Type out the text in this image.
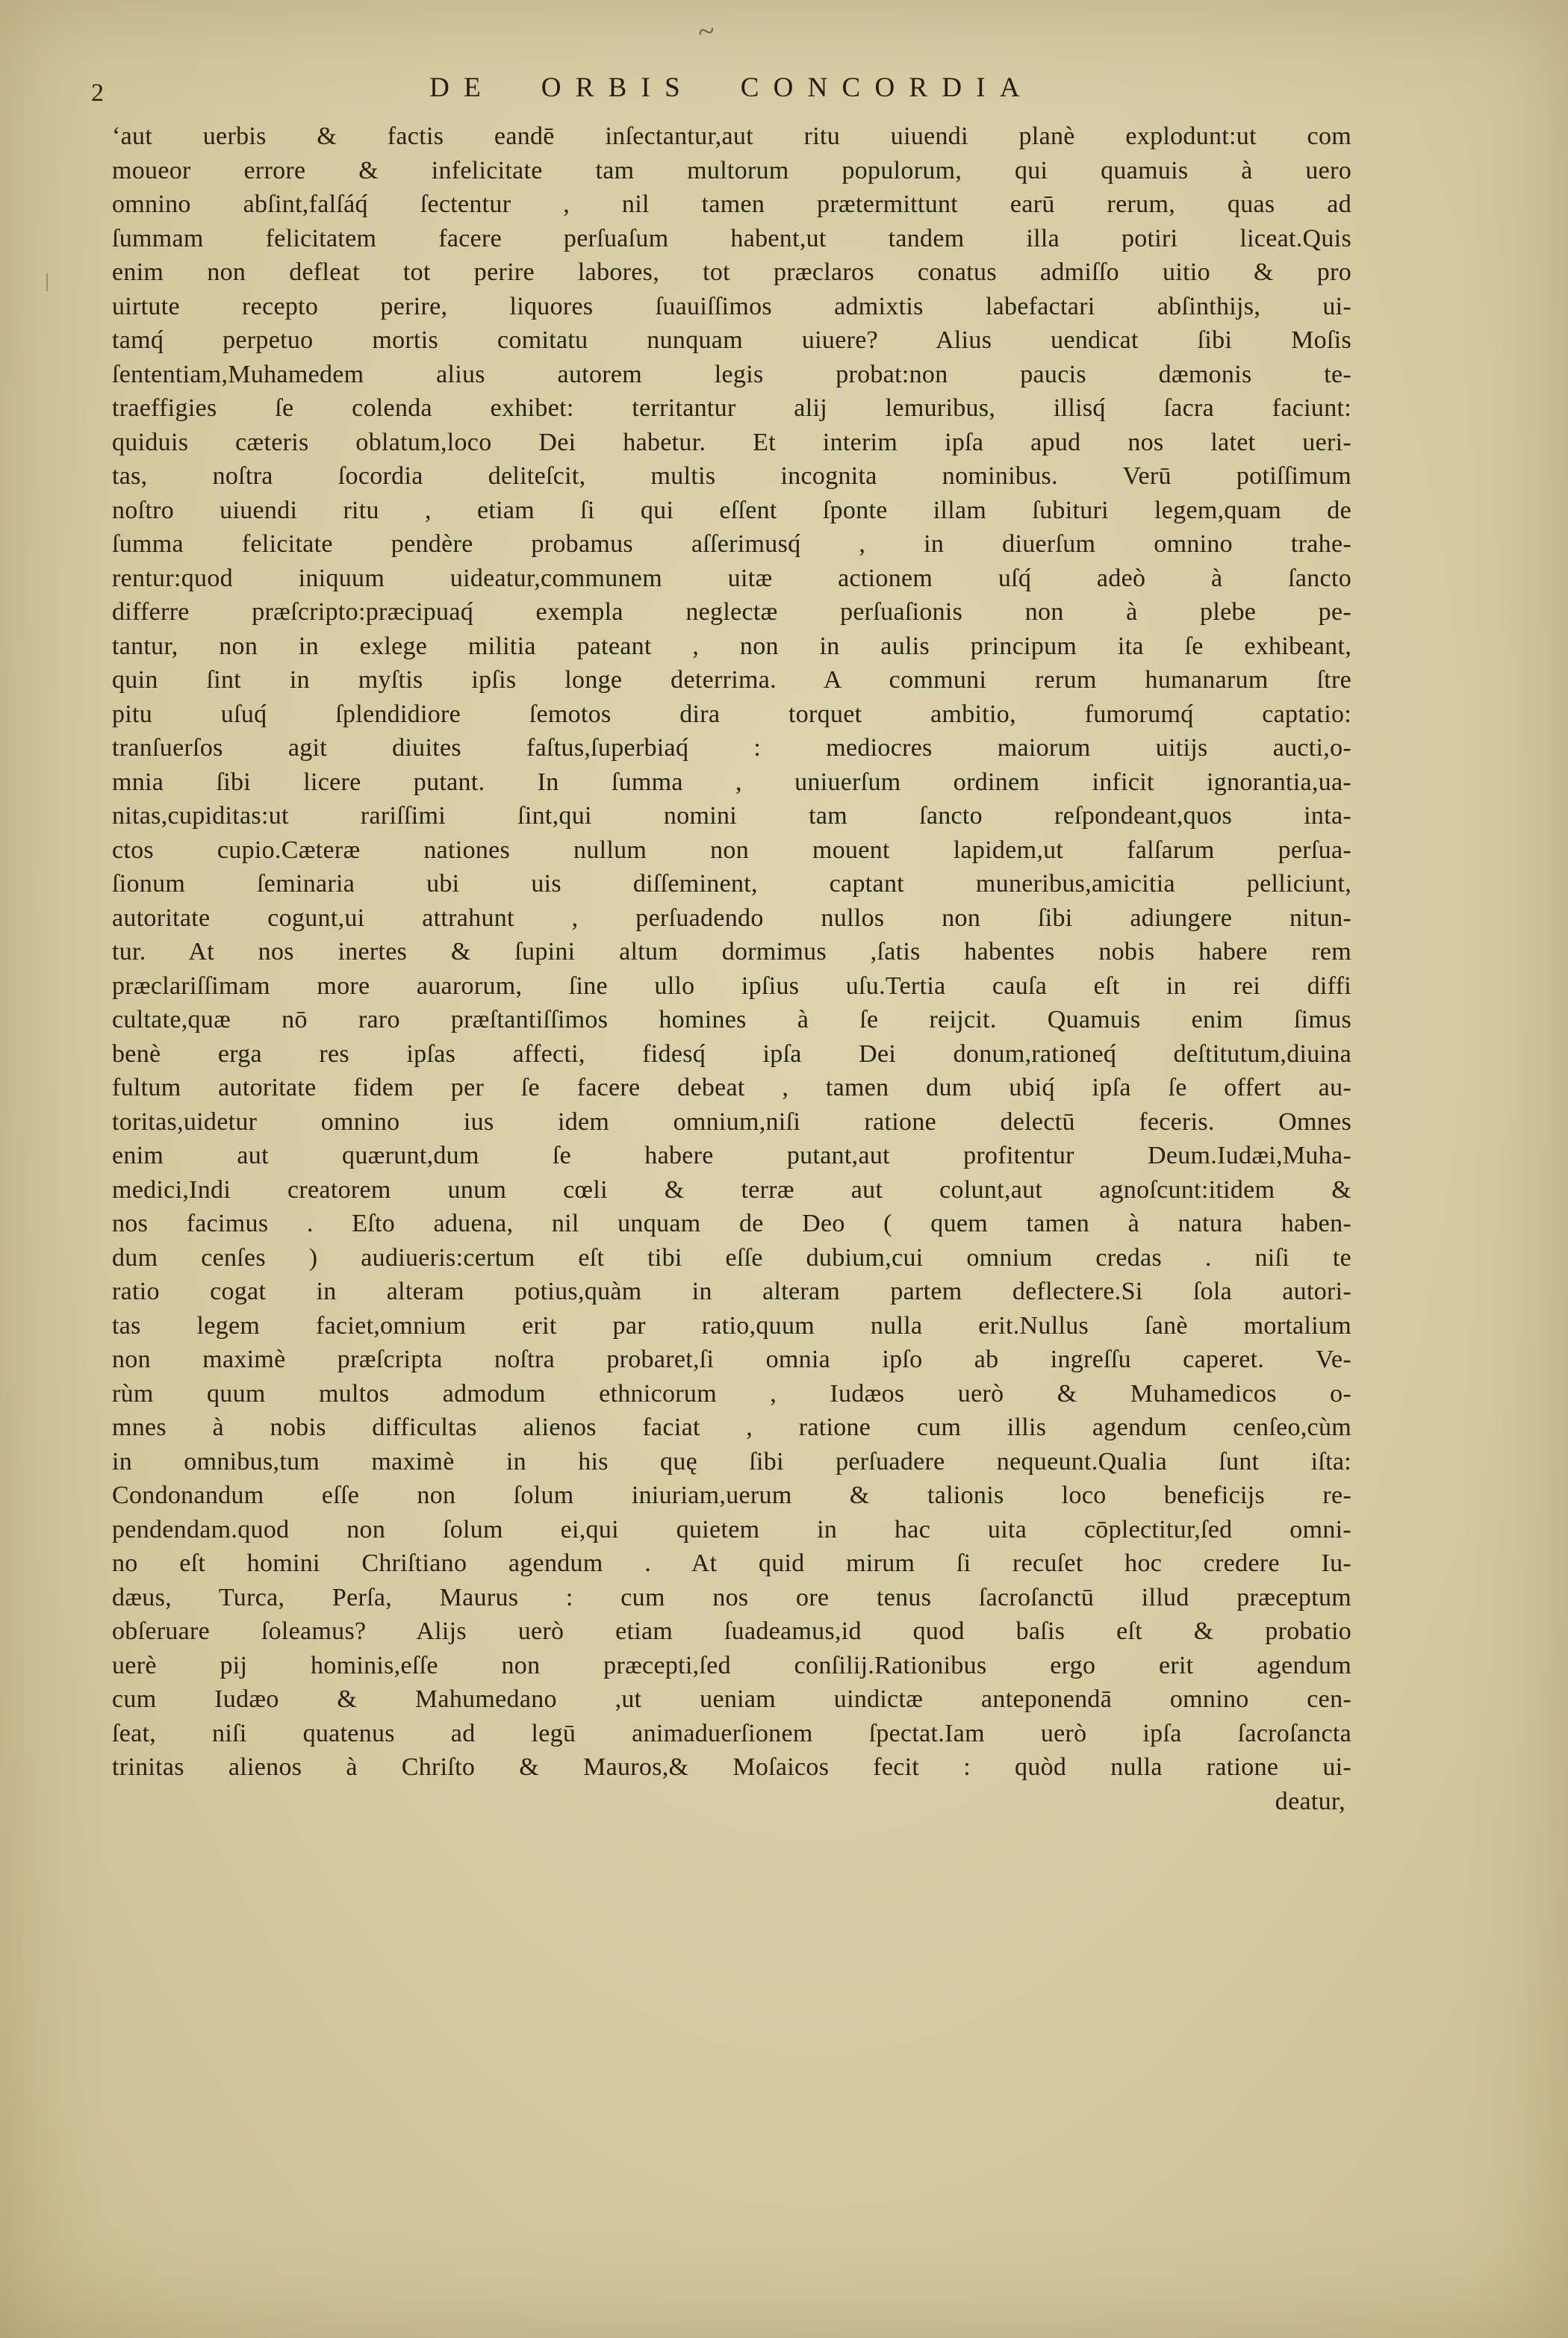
~
\
2	DE ORBIS CONCORDIA
‘aut uerbis & factis eandē inſectantur,aut ritu uiuendi planè explodunt:ut com
moueor errore & infelicitate tam multorum populorum, qui quamuis à uero
omnino abſint,falſáq́ ſectentur , nil tamen prætermittunt earū rerum, quas ad
ſummam felicitatem facere perſuaſum habent,ut tandem illa potiri liceat.Quis
enim non defleat tot perire labores, tot præclaros conatus admiſſo uitio & pro
uirtute recepto perire, liquores ſuauiſſimos admixtis labefactari abſinthijs, ui-
tamq́ perpetuo mortis comitatu nunquam uiuere? Alius uendicat ſibi Moſis
ſententiam,Muhamedem alius autorem legis probat:non paucis dæmonis te-
traeffigies ſe colenda exhibet: territantur alij lemuribus, illisq́ ſacra faciunt:
quiduis cæteris oblatum,loco Dei habetur. Et interim ipſa apud nos latet ueri-
tas, noſtra ſocordia deliteſcit, multis incognita nominibus. Verū potiſſimum
noſtro uiuendi ritu , etiam ſi qui eſſent ſponte illam ſubituri legem,quam de
ſumma felicitate pendère probamus aſſerimusq́ , in diuerſum omnino trahe-
rentur:quod iniquum uideatur,communem uitæ actionem uſq́ adeò à ſancto
differre præſcripto:præcipuaq́ exempla neglectæ perſuaſionis non à plebe pe-
tantur, non in exlege militia pateant , non in aulis principum ita ſe exhibeant,
quin ſint in myſtis ipſis longe deterrima. A communi rerum humanarum ſtre
pitu uſuq́ ſplendidiore ſemotos dira torquet ambitio, fumorumq́ captatio:
tranſuerſos agit diuites faſtus,ſuperbiaq́ : mediocres maiorum uitijs aucti,o-
mnia ſibi licere putant. In ſumma , uniuerſum ordinem inficit ignorantia,ua-
nitas,cupiditas:ut rariſſimi ſint,qui nomini tam ſancto reſpondeant,quos inta-
ctos cupio.Cæteræ nationes nullum non mouent lapidem,ut falſarum perſua-
ſionum ſeminaria ubi uis diſſeminent, captant muneribus,amicitia pelliciunt,
autoritate cogunt,ui attrahunt , perſuadendo nullos non ſibi adiungere nitun-
tur. At nos inertes & ſupini altum dormimus ,ſatis habentes nobis habere rem
præclariſſimam more auarorum, ſine ullo ipſius uſu.Tertia cauſa eſt in rei diffi
cultate,quæ nō raro præſtantiſſimos homines à ſe reijcit. Quamuis enim ſimus
benè erga res ipſas affecti, fidesq́ ipſa Dei donum,rationeq́ deſtitutum,diuina
fultum autoritate fidem per ſe facere debeat , tamen dum ubiq́ ipſa ſe offert au-
toritas,uidetur omnino ius idem omnium,niſi ratione delectū feceris. Omnes
enim aut quærunt,dum ſe habere putant,aut profitentur Deum.Iudæi,Muha-
medici,Indi creatorem unum cœli & terræ aut colunt,aut agnoſcunt:itidem &
nos facimus . Eſto aduena, nil unquam de Deo ( quem tamen à natura haben-
dum cenſes ) audiueris:certum eſt tibi eſſe dubium,cui omnium credas . niſi te
ratio cogat in alteram potius,quàm in alteram partem deflectere.Si ſola autori-
tas legem faciet,omnium erit par ratio,quum nulla erit.Nullus ſanè mortalium
non maximè præſcripta noſtra probaret,ſi omnia ipſo ab ingreſſu caperet. Ve-
rùm quum multos admodum ethnicorum , Iudæos uerò & Muhamedicos o-
mnes à nobis difficultas alienos faciat , ratione cum illis agendum cenſeo,cùm
in omnibus,tum maximè in his quę ſibi perſuadere nequeunt.Qualia ſunt iſta:
Condonandum eſſe non ſolum iniuriam,uerum & talionis loco beneficijs re-
pendendam.quod non ſolum ei,qui quietem in hac uita cōplectitur,ſed omni-
no eſt homini Chriſtiano agendum . At quid mirum ſi recuſet hoc credere Iu-
dæus, Turca, Perſa, Maurus : cum nos ore tenus ſacroſanctū illud præceptum
obſeruare ſoleamus? Alijs uerò etiam ſuadeamus,id quod baſis eſt & probatio
uerè pij hominis,eſſe non præcepti,ſed conſilij.Rationibus ergo erit agendum
cum Iudæo & Mahumedano ,ut ueniam uindictæ anteponendā omnino cen-
ſeat, niſi quatenus ad legū animaduerſionem ſpectat.Iam uerò ipſa ſacroſancta
trinitas alienos à Chriſto & Mauros,& Moſaicos fecit : quòd nulla ratione ui-
deatur,
